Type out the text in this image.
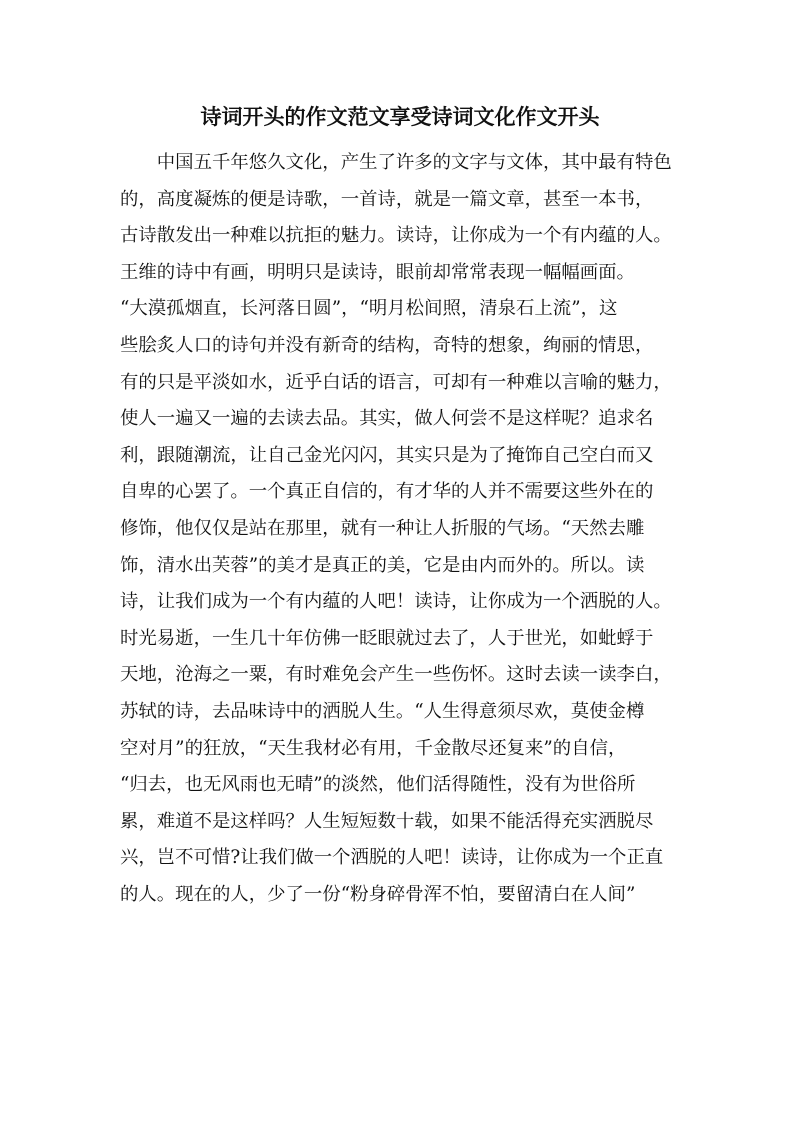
诗词开头的作文范文享受诗词文化作文开头
　　中国五千年悠久文化，产生了许多的文字与文体，其中最有特色
的，高度凝炼的便是诗歌，一首诗，就是一篇文章，甚至一本书，
古诗散发出一种难以抗拒的魅力。读诗，让你成为一个有内蕴的人。
王维的诗中有画，明明只是读诗，眼前却常常表现一幅幅画面。
“大漠孤烟直，长河落日圆”，“明月松间照，清泉石上流”，这
些脍炙人口的诗句并没有新奇的结构，奇特的想象，绚丽的情思，
有的只是平淡如水，近乎白话的语言，可却有一种难以言喻的魅力，
使人一遍又一遍的去读去品。其实，做人何尝不是这样呢？追求名
利，跟随潮流，让自己金光闪闪，其实只是为了掩饰自己空白而又
自卑的心罢了。一个真正自信的，有才华的人并不需要这些外在的
修饰，他仅仅是站在那里，就有一种让人折服的气场。“天然去雕
饰，清水出芙蓉”的美才是真正的美，它是由内而外的。所以。读
诗，让我们成为一个有内蕴的人吧！读诗，让你成为一个洒脱的人。
时光易逝，一生几十年仿佛一眨眼就过去了，人于世光，如蚍蜉于
天地，沧海之一粟，有时难免会产生一些伤怀。这时去读一读李白，
苏轼的诗，去品味诗中的洒脱人生。“人生得意须尽欢，莫使金樽
空对月”的狂放，“天生我材必有用，千金散尽还复来”的自信，
“归去，也无风雨也无晴”的淡然，他们活得随性，没有为世俗所
累，难道不是这样吗？人生短短数十载，如果不能活得充实洒脱尽
兴，岂不可惜?让我们做一个洒脱的人吧！读诗，让你成为一个正直
的人。现在的人，少了一份“粉身碎骨浑不怕，要留清白在人间”
